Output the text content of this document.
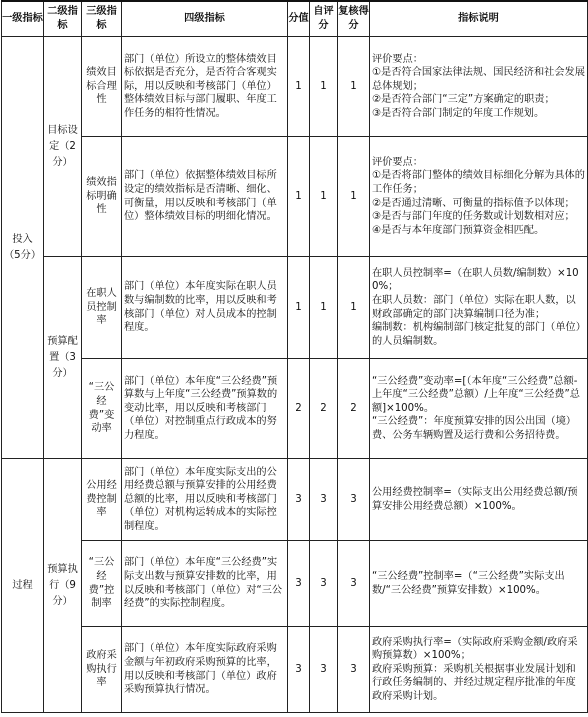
一级指标	二级指标	三级指标	四级指标	分值	自评分	复核得分	指标说明
投入（5分）	目标设定（2分）	绩效目标合理性	部门（单位）所设立的整体绩效目标依据是否充分，是否符合客观实际，用以反映和考核部门（单位）整体绩效目标与部门履职、年度工作任务的相符性情况。	1	1	1	评价要点：
①是否符合国家法律法规、国民经济和社会发展总体规划；
②是否符合部门“三定”方案确定的职责；
③是否符合部门制定的年度工作规划。

		绩效指标明确性	部门（单位）依据整体绩效目标所设定的绩效指标是否清晰、细化、可衡量，用以反映和考核部门（单位）整体绩效目标的明细化情况。	1	1	1	评价要点：
①是否将部门整体的绩效目标细化分解为具体的工作任务；
②是否通过清晰、可衡量的指标值予以体现；
③是否与部门年度的任务数或计划数相对应；
④是否与本年度部门预算资金相匹配。

	预算配置（3分）	在职人员控制率	部门（单位）本年度实际在职人员数与编制数的比率，用以反映和考核部门（单位）对人员成本的控制程度。	1	1	1	在职人员控制率=（在职人员数/编制数）×100%；
在职人员数：部门（单位）实际在职人数，以财政部确定的部门决算编制口径为准；
编制数：机构编制部门核定批复的部门（单位）的人员编制数。

		“三公经费”变动率	部门（单位）本年度“三公经费”预算数与上年度“三公经费”预算数的变动比率，用以反映和考核部门（单位）对控制重点行政成本的努力程度。	2	2	2	“三公经费”变动率=[（本年度“三公经费”总额-上年度“三公经费”总额）/上年度“三公经费”总额]×100%。
“三公经费”：年度预算安排的因公出国（境）费、公务车辆购置及运行费和公务招待费。

过程	预算执行（9分）	公用经费控制率	部门（单位）本年度实际支出的公用经费总额与预算安排的公用经费总额的比率，用以反映和考核部门（单位）对机构运转成本的实际控制程度。	3	3	3	公用经费控制率=（实际支出公用经费总额/预算安排公用经费总额）×100%。

		“三公经费”控制率	部门（单位）本年度“三公经费”实际支出数与预算安排数的比率，用以反映和考核部门（单位）对“三公经费”的实际控制程度。	3	3	3	“三公经费”控制率=（“三公经费”实际支出数/“三公经费”预算安排数）×100%。

		政府采购执行率	部门（单位）本年度实际政府采购金额与年初政府采购预算的比率，用以反映和考核部门（单位）政府采购预算执行情况。	3	3	3	政府采购执行率=（实际政府采购金额/政府采购预算数）×100%；
政府采购预算：采购机关根据事业发展计划和行政任务编制的、并经过规定程序批准的年度政府采购计划。
